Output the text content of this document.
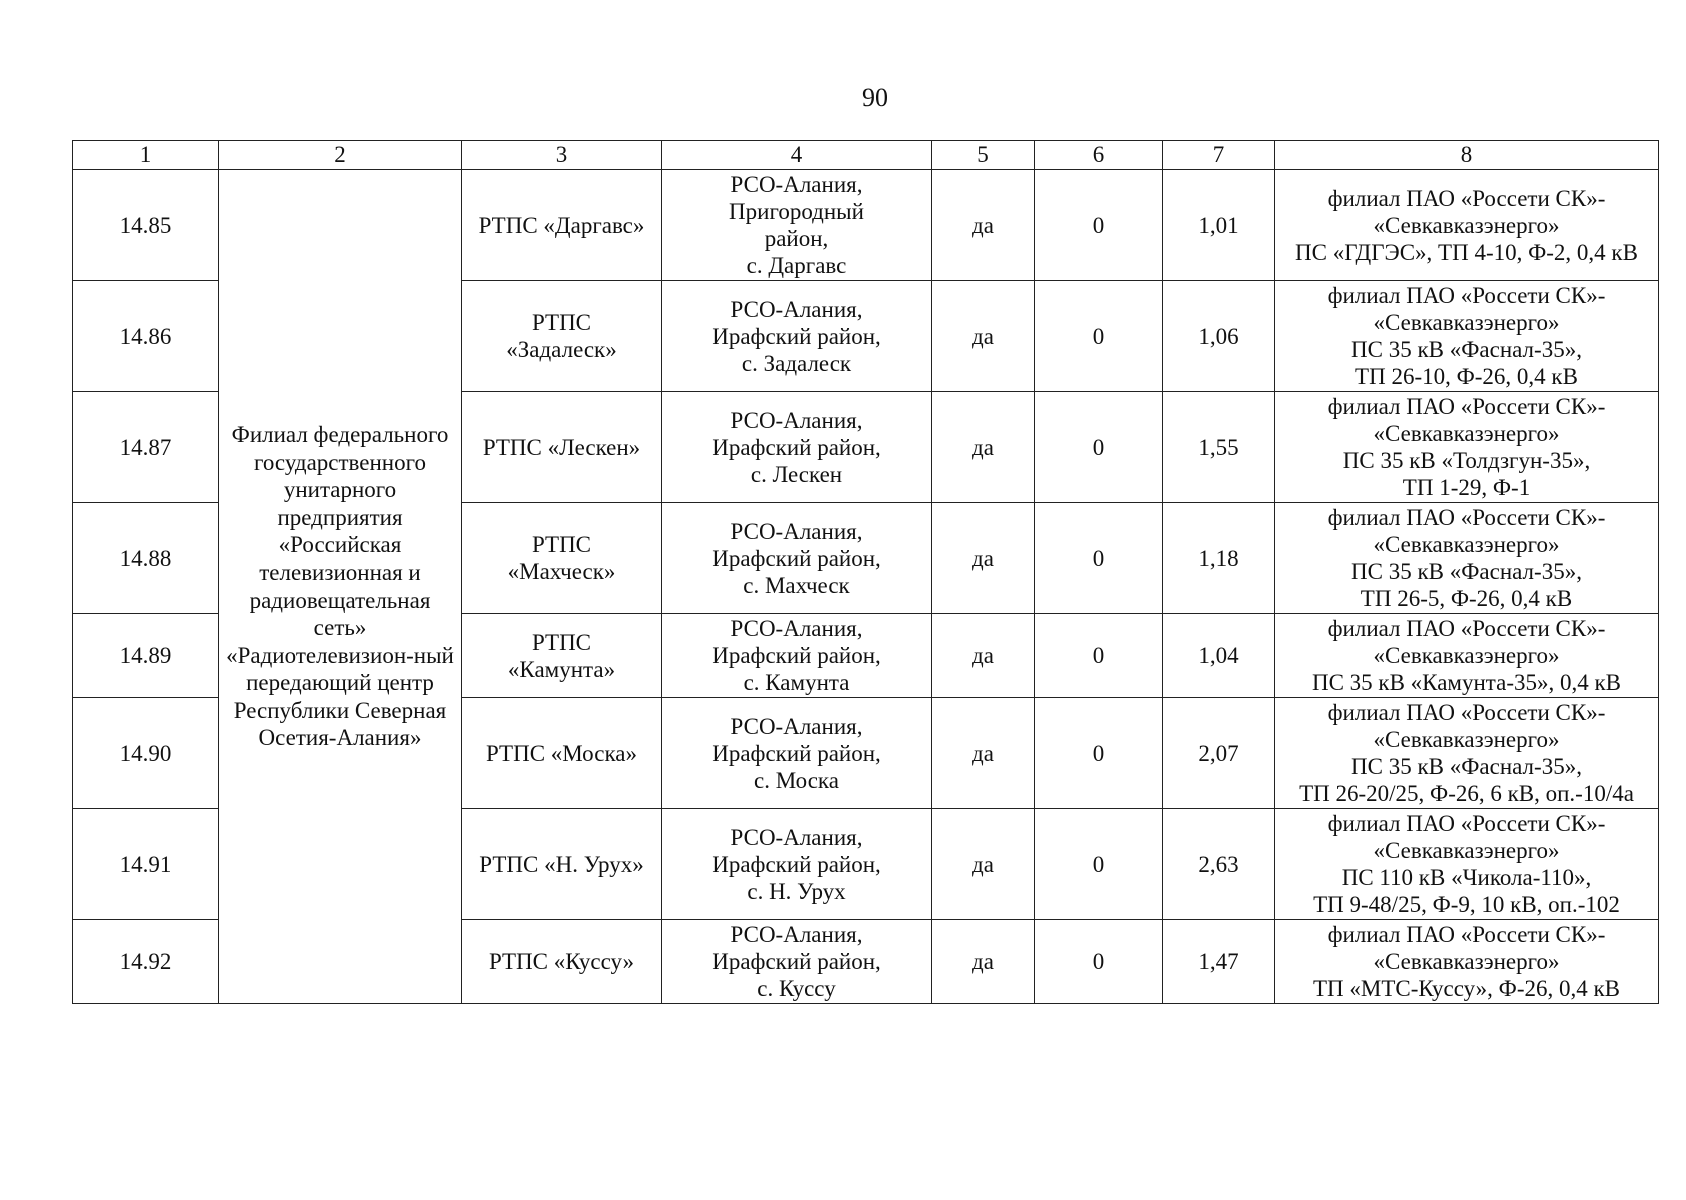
90
1	2	3	4	5	6	7	8
14.85	Филиал федерального государственного унитарного предприятия «Российская телевизионная и радиовещательная сеть» «Радиотелевизион-ный передающий центр Республики Северная Осетия-Алания»	РТПС «Даргавс»	РСО-Алания,
Пригородный
район,
с. Даргавс	да	0	1,01	филиал ПАО «Россети СК»-
«Севкавказэнерго»
ПС «ГДГЭС», ТП 4-10, Ф-2, 0,4 кВ
14.86		РТПС
«Задалеск»	РСО-Алания,
Ирафский район,
с. Задалеск	да	0	1,06	филиал ПАО «Россети СК»-
«Севкавказэнерго»
ПС 35 кВ «Фаснал-35»,
ТП 26-10, Ф-26, 0,4 кВ
14.87		РТПС «Лескен»	РСО-Алания,
Ирафский район,
с. Лескен	да	0	1,55	филиал ПАО «Россети СК»-
«Севкавказэнерго»
ПС 35 кВ «Толдзгун-35»,
ТП 1-29, Ф-1
14.88		РТПС
«Махческ»	РСО-Алания,
Ирафский район,
с. Махческ	да	0	1,18	филиал ПАО «Россети СК»-
«Севкавказэнерго»
ПС 35 кВ «Фаснал-35»,
ТП 26-5, Ф-26, 0,4 кВ
14.89		РТПС
«Камунта»	РСО-Алания,
Ирафский район,
с. Камунта	да	0	1,04	филиал ПАО «Россети СК»-
«Севкавказэнерго»
ПС 35 кВ «Камунта-35», 0,4 кВ
14.90		РТПС «Моска»	РСО-Алания,
Ирафский район,
с. Моска	да	0	2,07	филиал ПАО «Россети СК»-
«Севкавказэнерго»
ПС 35 кВ «Фаснал-35»,
ТП 26-20/25, Ф-26, 6 кВ, оп.-10/4а
14.91		РТПС «Н. Урух»	РСО-Алания,
Ирафский район,
с. Н. Урух	да	0	2,63	филиал ПАО «Россети СК»-
«Севкавказэнерго»
ПС 110 кВ «Чикола-110»,
ТП 9-48/25, Ф-9, 10 кВ, оп.-102
14.92		РТПС «Куссу»	РСО-Алания,
Ирафский район,
с. Куссу	да	0	1,47	филиал ПАО «Россети СК»-
«Севкавказэнерго»
ТП «МТС-Куссу», Ф-26, 0,4 кВ
